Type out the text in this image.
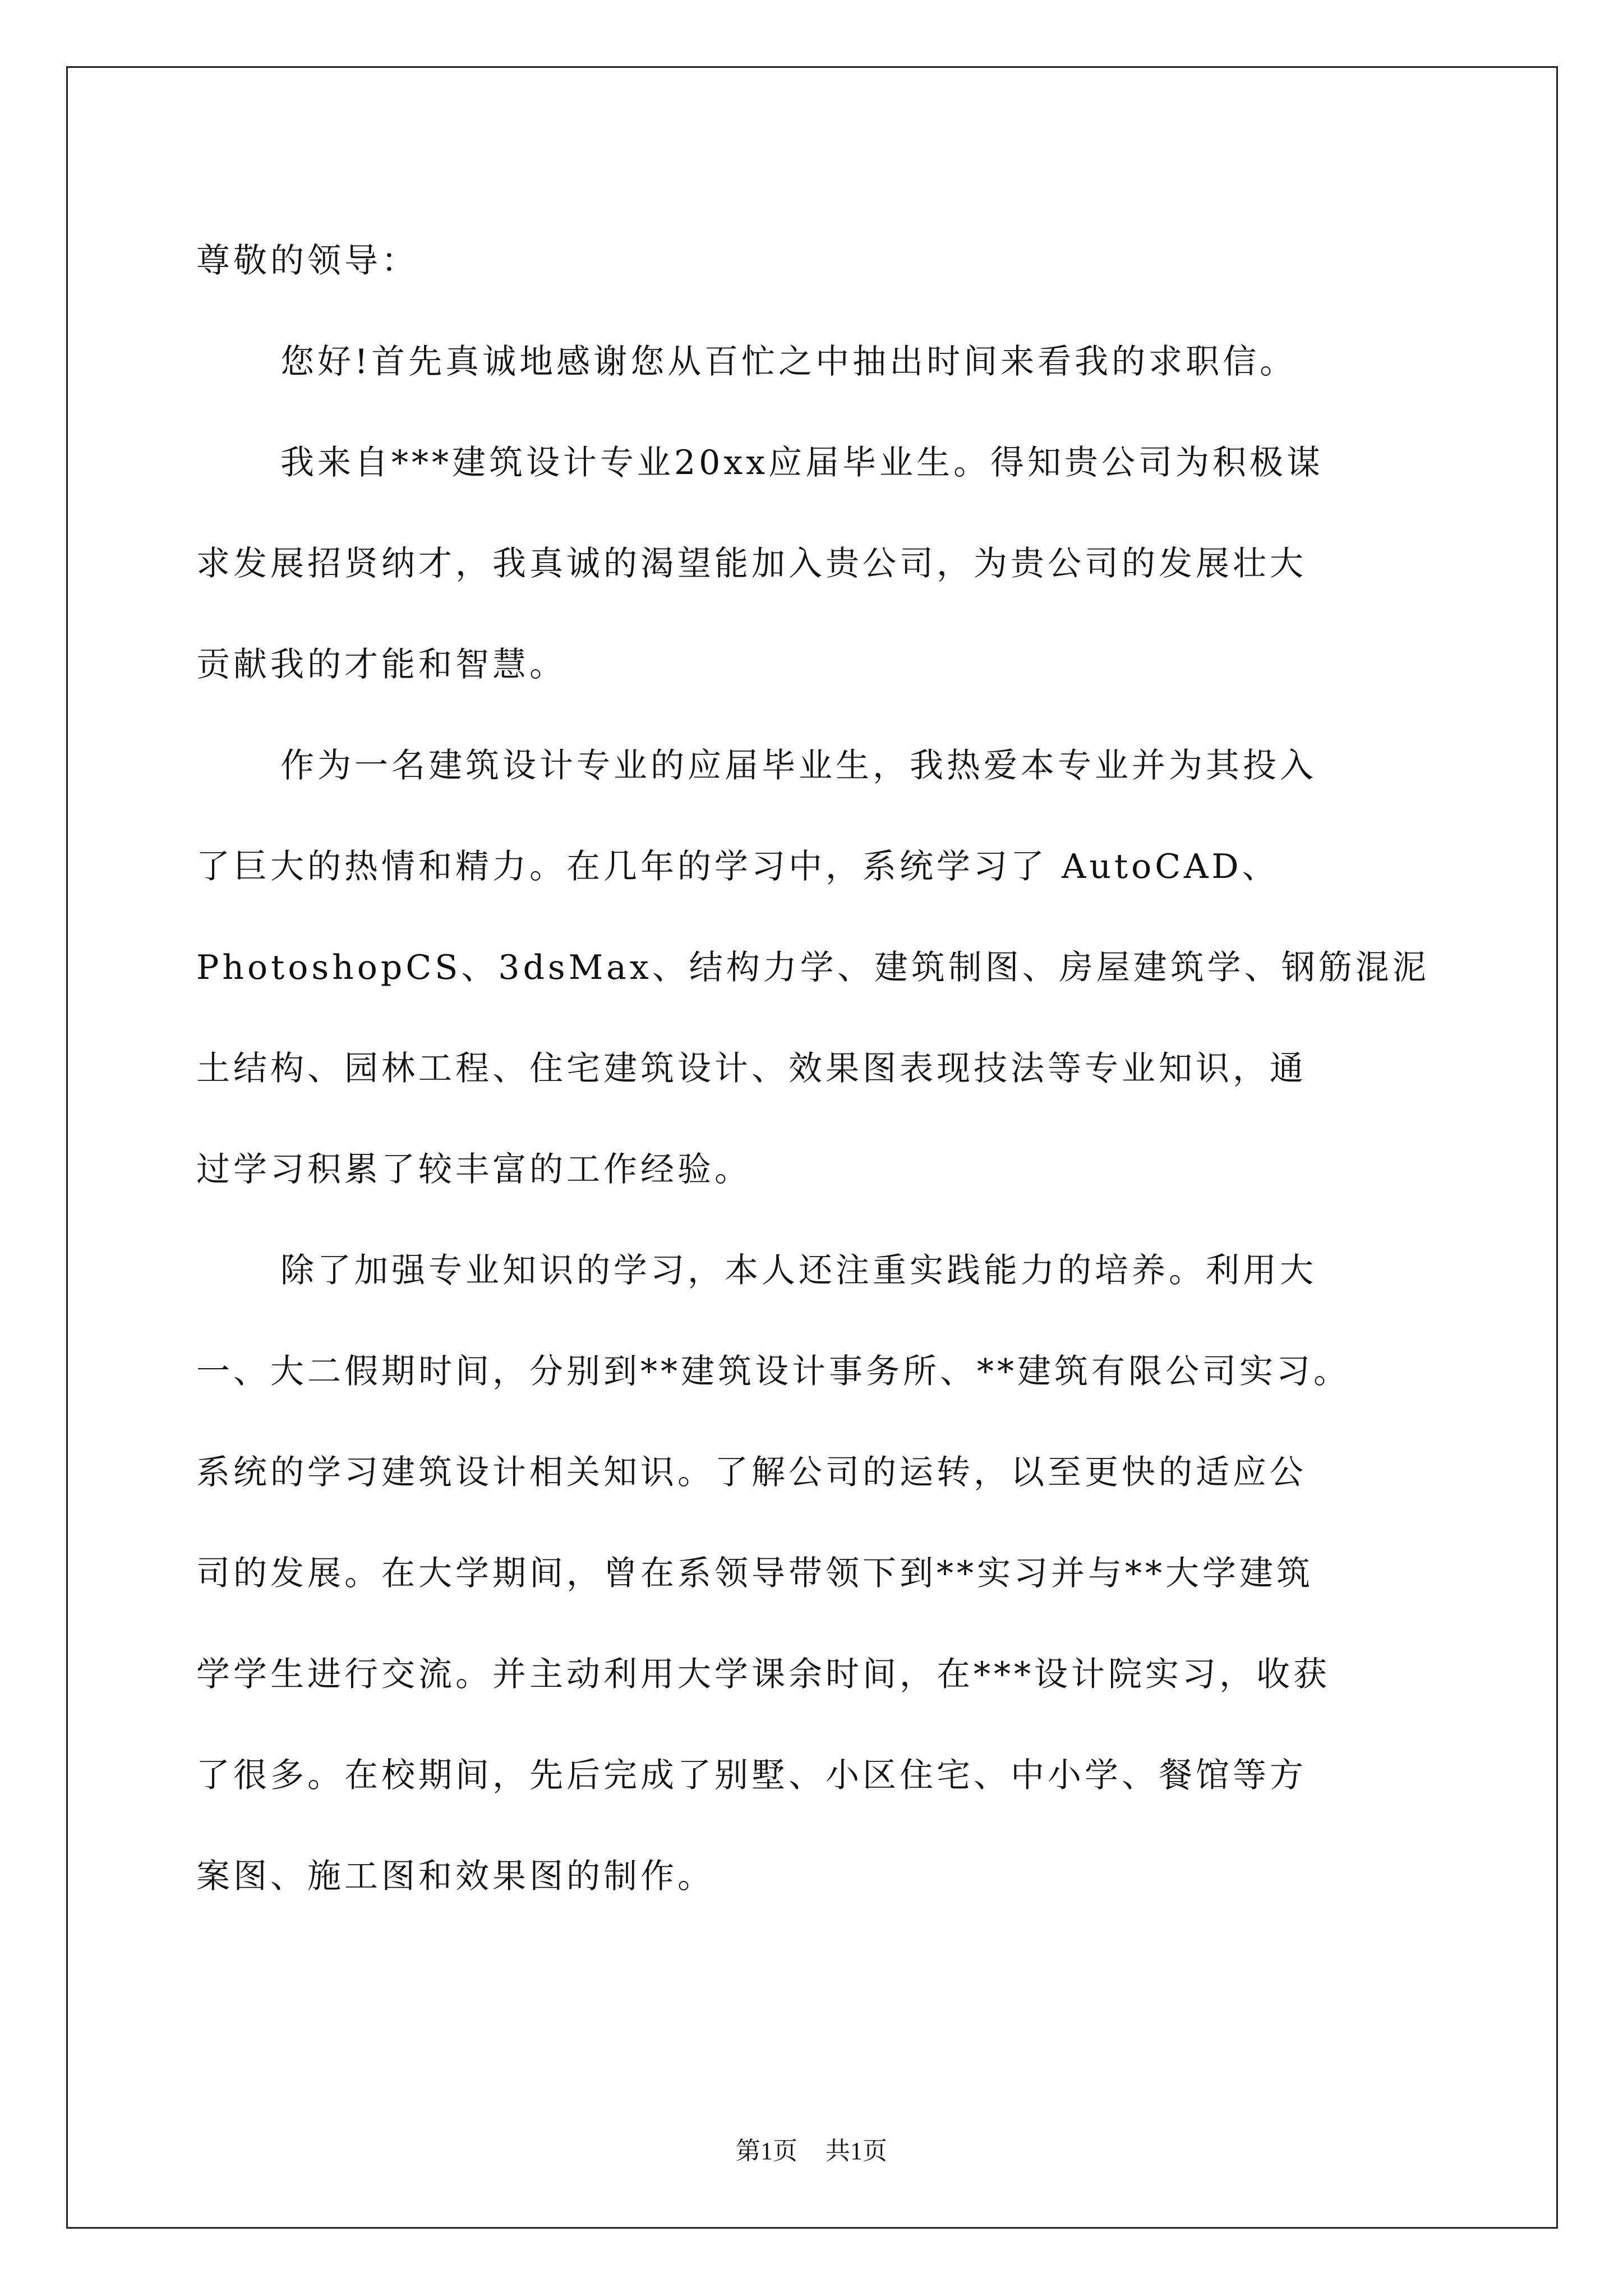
尊敬的领导：
您好!首先真诚地感谢您从百忙之中抽出时间来看我的求职信。
我来自***建筑设计专业20xx应届毕业生。得知贵公司为积极谋
求发展招贤纳才，我真诚的渴望能加入贵公司，为贵公司的发展壮大
贡献我的才能和智慧。
作为一名建筑设计专业的应届毕业生，我热爱本专业并为其投入
了巨大的热情和精力。在几年的学习中，系统学习了 AutoCAD、
PhotoshopCS、3dsMax、结构力学、建筑制图、房屋建筑学、钢筋混泥
土结构、园林工程、住宅建筑设计、效果图表现技法等专业知识，通
过学习积累了较丰富的工作经验。
除了加强专业知识的学习，本人还注重实践能力的培养。利用大
一、大二假期时间，分别到**建筑设计事务所、**建筑有限公司实习。
系统的学习建筑设计相关知识。了解公司的运转，以至更快的适应公
司的发展。在大学期间，曾在系领导带领下到**实习并与**大学建筑
学学生进行交流。并主动利用大学课余时间，在***设计院实习，收获
了很多。在校期间，先后完成了别墅、小区住宅、中小学、餐馆等方
案图、施工图和效果图的制作。
第1页 共1页
